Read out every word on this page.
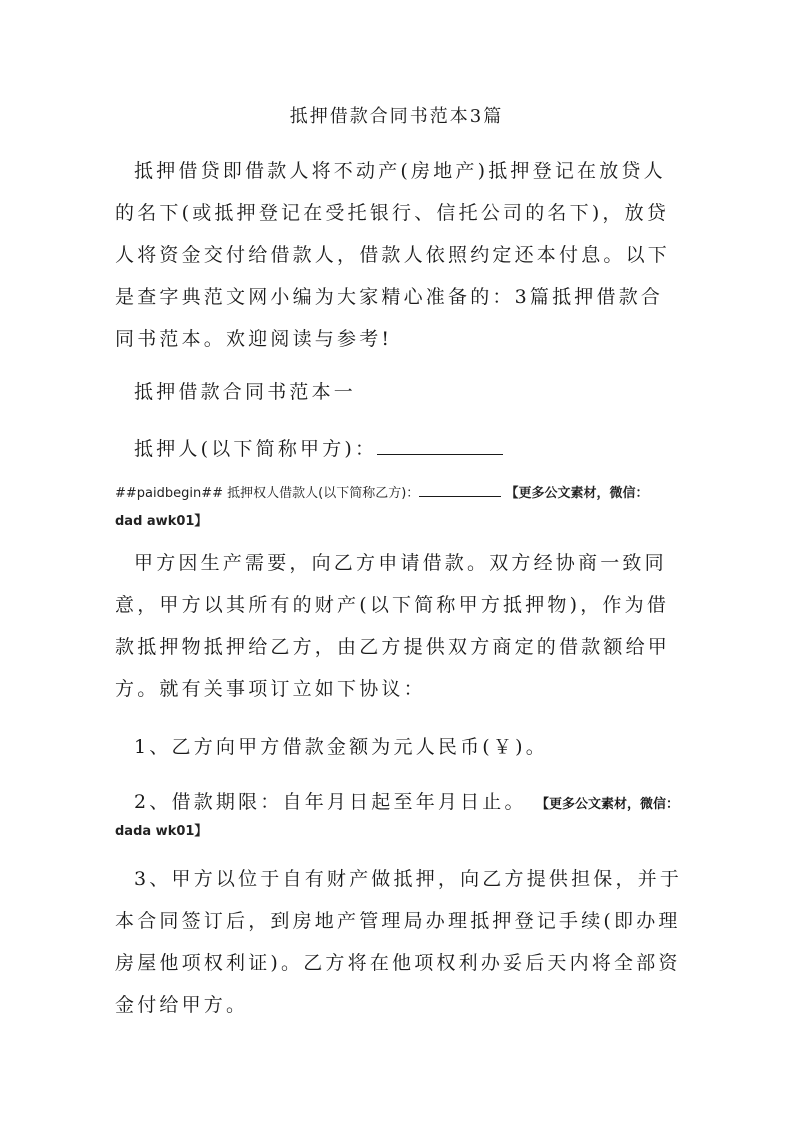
抵押借款合同书范本3篇
抵押借贷即借款人将不动产(房地产)抵押登记在放贷人的名下(或抵押登记在受托银行、信托公司的名下)，放贷人将资金交付给借款人，借款人依照约定还本付息。以下是查字典范文网小编为大家精心准备的：3篇抵押借款合同书范本。欢迎阅读与参考!
抵押借款合同书范本一
抵押人(以下简称甲方)：
##paidbegin## 抵押权人借款人(以下简称乙方)：	【更多公文素材，微信：
dad awk01】
甲方因生产需要，向乙方申请借款。双方经协商一致同意，甲方以其所有的财产(以下简称甲方抵押物)，作为借款抵押物抵押给乙方，由乙方提供双方商定的借款额给甲方。就有关事项订立如下协议：
1、乙方向甲方借款金额为元人民币(￥)。
2、借款期限：自年月日起至年月日止。 【更多公文素材，微信：
dada wk01】
3、甲方以位于自有财产做抵押，向乙方提供担保，并于本合同签订后，到房地产管理局办理抵押登记手续(即办理房屋他项权利证)。乙方将在他项权利办妥后天内将全部资金付给甲方。
